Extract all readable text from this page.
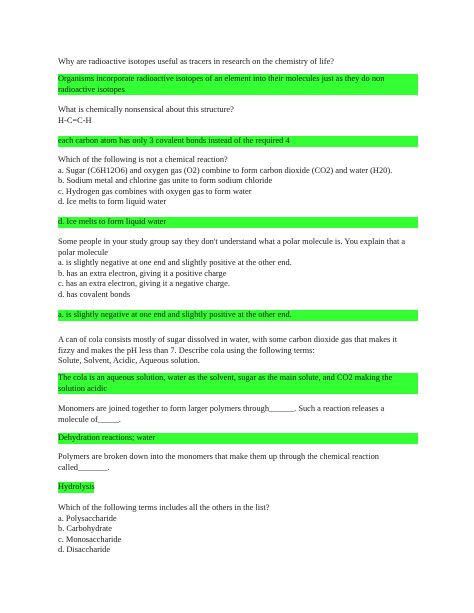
Why are radioactive isotopes useful as tracers in research on the chemistry of life?

Organisms incorporate radioactive isotopes of an element into their molecules just as they do non radioactive isotopes

What is chemically nonsensical about this structure?

H-C=C-H

each carbon atom has only 3 covalent bonds instead of the required 4

Which of the following is not a chemical reaction?

a. Sugar (C6H12O6) and oxygen gas (O2) combine to form carbon dioxide (CO2) and water (H20).

b. Sodium metal and chlorine gas unite to form sodium chloride

c. Hydrogen gas combines with oxygen gas to form water

d. Ice melts to form liquid water

d. Ice melts to form liquid water

Some people in your study group say they don't understand what a polar molecule is. You explain that a

polar molecule

a. is slightly negative at one end and slightly positive at the other end.

b. has an extra electron, giving it a positive charge

c. has an extra electron, giving it a negative charge.

d. has covalent bonds

a. is slightly negative at one end and slightly positive at the other end.

A can of cola consists mostly of sugar dissolved in water, with some carbon dioxide gas that makes it

fizzy and makes the pH less than 7. Describe cola using the following terms:

Solute, Solvent, Acidic, Aqueous solution.

The cola is an aqueous solution, water as the solvent, sugar as the main solute, and CO2 making the solution acidic

Monomers are joined together to form larger polymers through______. Such a reaction releases a

molecule of_____.

Dehydration reactions; water

Polymers are broken down into the monomers that make them up through the chemical reaction

called_______.

Hydrolysis

Which of the following terms includes all the others in the list?

a. Polysaccharide

b. Carbohydrate

c. Monosaccharide

d. Disaccharide
